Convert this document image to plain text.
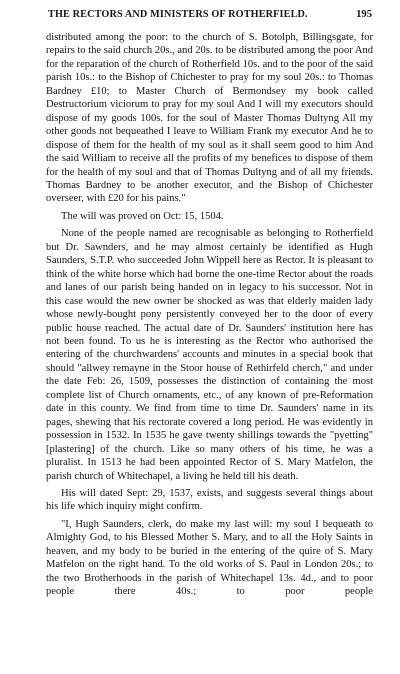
THE RECTORS AND MINISTERS OF ROTHERFIELD.	195

distributed among the poor: to the church of S. Botolph, Billingsgate, for repairs to the said church 20s., and 20s. to be distributed among the poor And for the reparation of the church of Rotherfield 10s. and to the poor of the said parish 10s.: to the Bishop of Chichester to pray for my soul 20s.: to Thomas Bardney £10; to Master Church of Bermondsey my book called Destructorium viciorum to pray for my soul And I will my executors should dispose of my goods 100s. for the soul of Master Thomas Dultyng All my other goods not bequeathed I leave to William Frank my executor And he to dispose of them for the health of my soul as it shall seem good to him And the said William to receive all the profits of my benefices to dispose of them for the health of my soul and that of Thomas Dultyng and of all my friends. Thomas Bardney to be another executor, and the Bishop of Chichester overseer, with £20 for his pains."

The will was proved on Oct: 15, 1504.

None of the people named are recognisable as belonging to Rotherfield but Dr. Sawnders, and he may almost certainly be identified as Hugh Saunders, S.T.P. who succeeded John Wippell here as Rector. It is pleasant to think of the white horse which had borne the one-time Rector about the roads and lanes of our parish being handed on in legacy to his successor. Not in this case would the new owner be shocked as was that elderly maiden lady whose newly-bought pony persistently conveyed her to the door of every public house reached. The actual date of Dr. Saunders' institution here has not been found. To us he is interesting as the Rector who authorised the entering of the churchwardens' accounts and minutes in a special book that should "allwey remayne in the Stoor house of Rethirfeld cherch," and under the date Feb: 26, 1509, possesses the distinction of containing the most complete list of Church ornaments, etc., of any known of pre-Reformation date in this county. We find from time to time Dr. Saunders' name in its pages, shewing that his rectorate covered a long period. He was evidently in possession in 1532. In 1535 he gave twenty shillings towards the "pyetting" [plastering] of the church. Like so many others of his time, he was a pluralist. In 1513 he had been appointed Rector of S. Mary Matfelon, the parish church of Whitechapel, a living he held till his death.

His will dated Sept: 29, 1537, exists, and suggests several things about his life which inquiry might confirm.

"I, Hugh Saunders, clerk, do make my last will: my soul I bequeath to Almighty God, to his Blessed Mother S. Mary, and to all the Holy Saints in heaven, and my body to be buried in the entering of the quire of S. Mary Matfelon on the right hand. To the old works of S. Paul in London 20s.; to the two Brotherhoods in the parish of Whitechapel 13s. 4d., and to poor people there 40s.; to poor people
